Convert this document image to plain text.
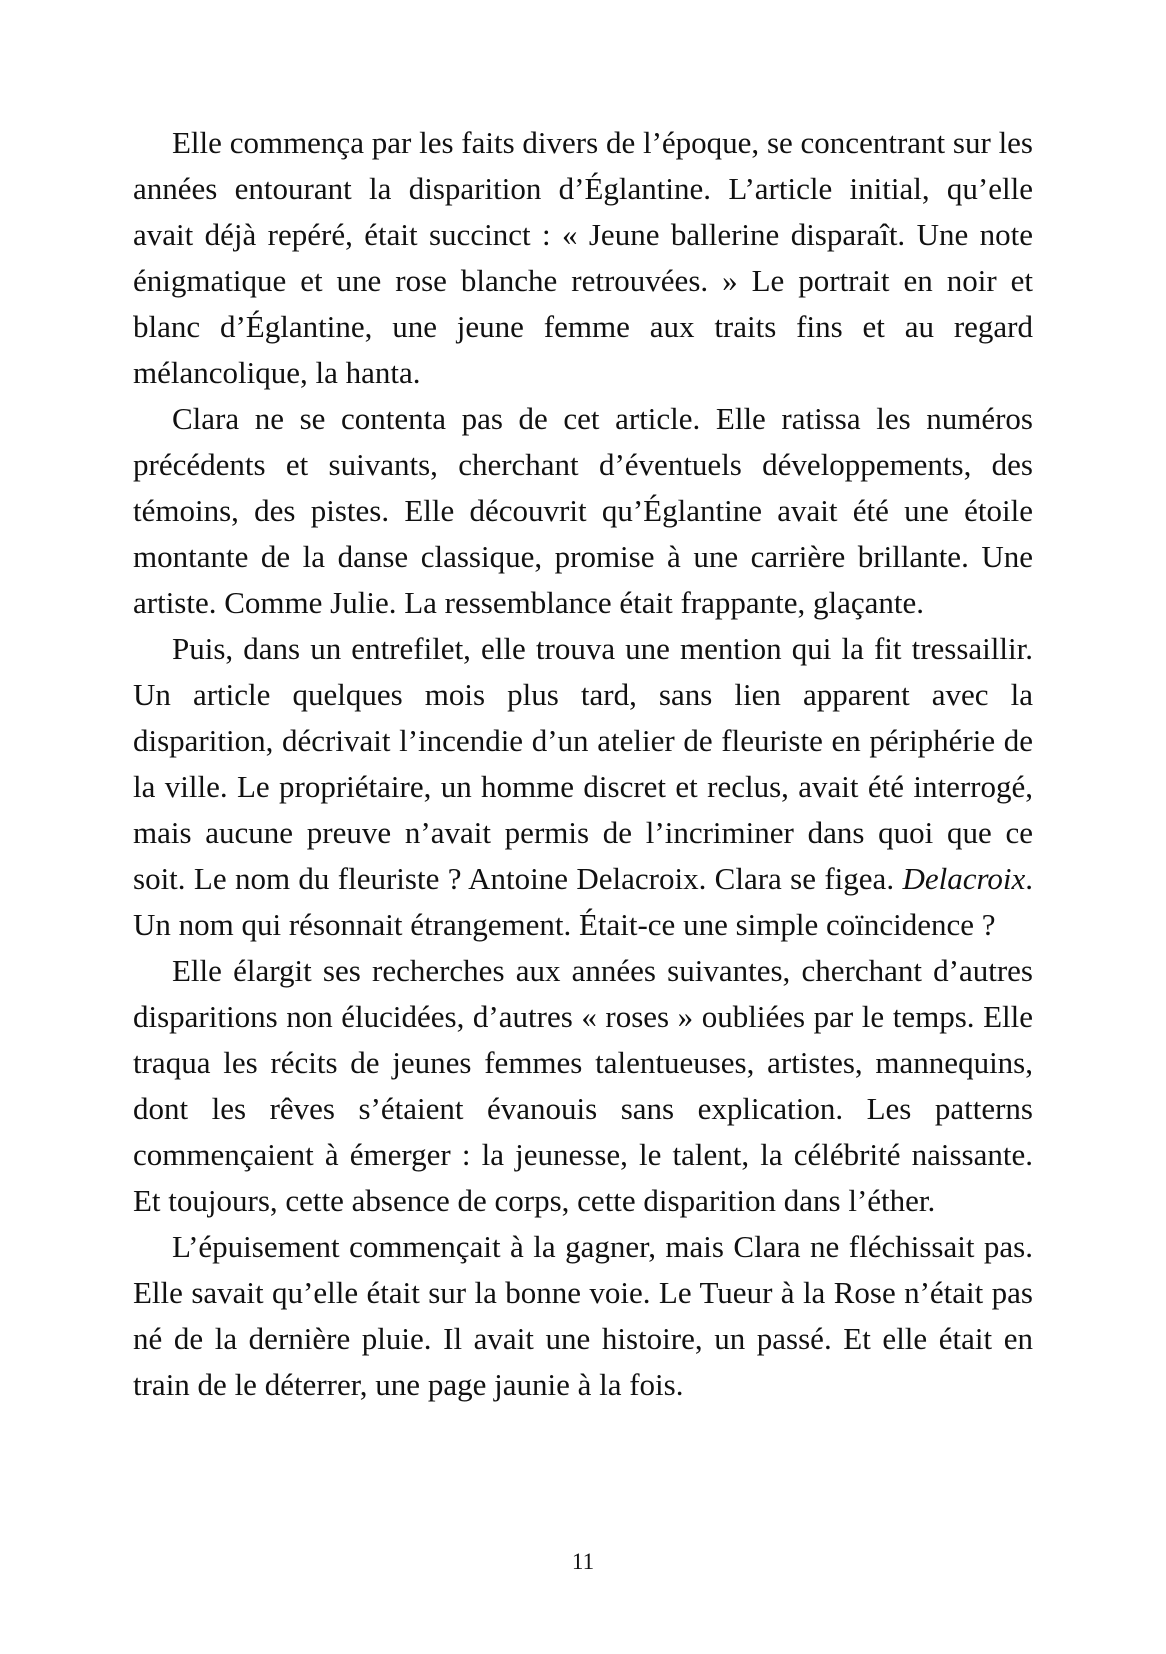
Elle commença par les faits divers de l’époque, se concentrant sur les années entourant la disparition d’Églantine. L’article initial, qu’elle avait déjà repéré, était succinct : « Jeune ballerine disparaît. Une note énigmatique et une rose blanche retrouvées. » Le portrait en noir et blanc d’Églantine, une jeune femme aux traits fins et au regard mélancolique, la hanta.

Clara ne se contenta pas de cet article. Elle ratissa les numéros précédents et suivants, cherchant d’éventuels développements, des témoins, des pistes. Elle découvrit qu’Églantine avait été une étoile montante de la danse classique, promise à une carrière brillante. Une artiste. Comme Julie. La ressemblance était frappante, glaçante.

Puis, dans un entrefilet, elle trouva une mention qui la fit tressaillir. Un article quelques mois plus tard, sans lien apparent avec la disparition, décrivait l’incendie d’un atelier de fleuriste en périphérie de la ville. Le propriétaire, un homme discret et reclus, avait été interrogé, mais aucune preuve n’avait permis de l’incriminer dans quoi que ce soit. Le nom du fleuriste ? Antoine Delacroix. Clara se figea. Delacroix. Un nom qui résonnait étrangement. Était-ce une simple coïncidence ?

Elle élargit ses recherches aux années suivantes, cherchant d’autres disparitions non élucidées, d’autres « roses » oubliées par le temps. Elle traqua les récits de jeunes femmes talentueuses, artistes, mannequins, dont les rêves s’étaient évanouis sans explication. Les patterns commençaient à émerger : la jeunesse, le talent, la célébrité naissante. Et toujours, cette absence de corps, cette disparition dans l’éther.

L’épuisement commençait à la gagner, mais Clara ne fléchissait pas. Elle savait qu’elle était sur la bonne voie. Le Tueur à la Rose n’était pas né de la dernière pluie. Il avait une histoire, un passé. Et elle était en train de le déterrer, une page jaunie à la fois.

11
